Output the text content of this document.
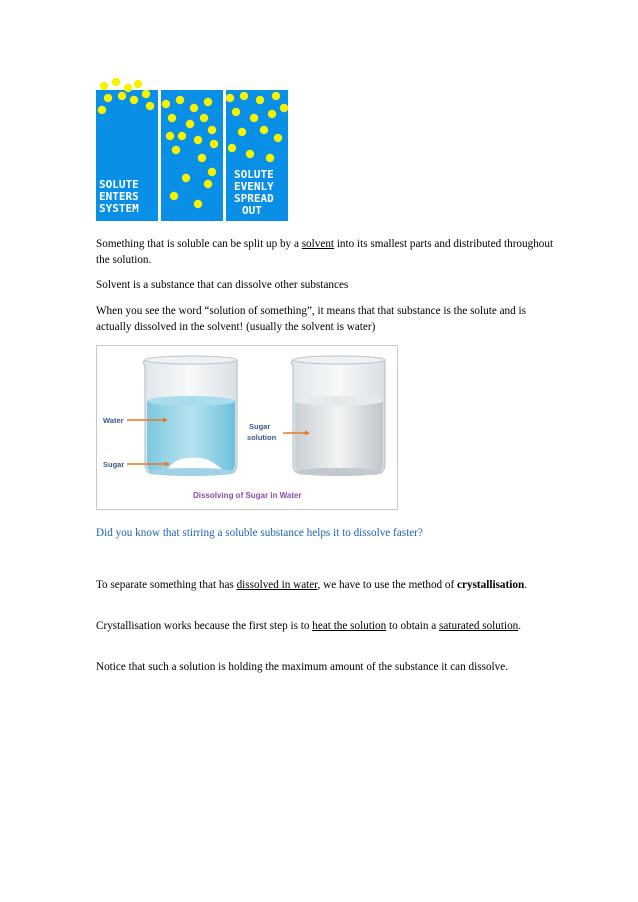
SOLUTE
ENTERS
SYSTEM
SOLUTE
EVENLY
SPREAD
OUT

Something that is soluble can be split up by a solvent into its smallest parts and distributed throughout the solution.

Solvent is a substance that can dissolve other substances

When you see the word “solution of something”, it means that that substance is the solute and is actually dissolved in the solvent! (usually the solvent is water)

Water
Sugar
Sugar
solution
Dissolving of Sugar in Water

Did you know that stirring a soluble substance helps it to dissolve faster?

To separate something that has dissolved in water, we have to use the method of crystallisation.

Crystallisation works because the first step is to heat the solution to obtain a saturated solution.

Notice that such a solution is holding the maximum amount of the substance it can dissolve.
